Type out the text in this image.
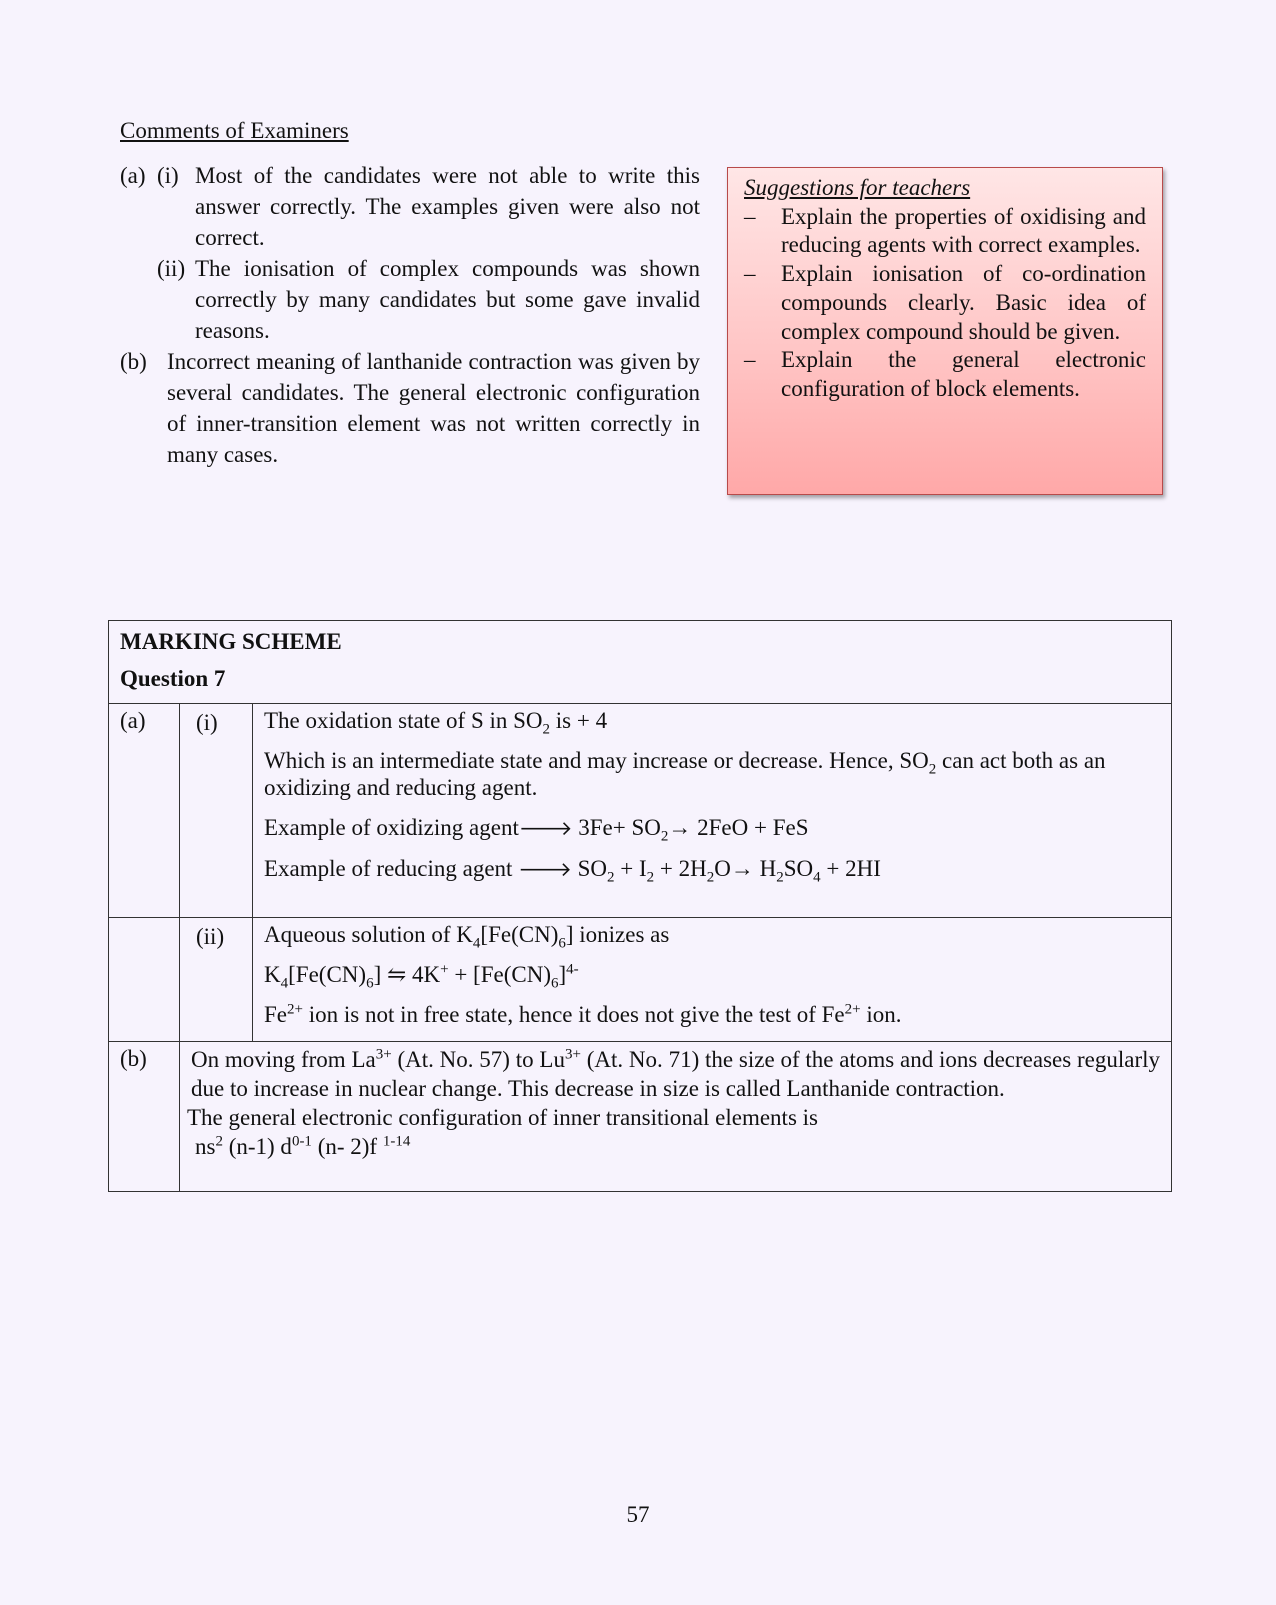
Comments of Examiners
(a) (i) Most of the candidates were not able to write this answer correctly. The examples given were also not correct.
(ii) The ionisation of complex compounds was shown correctly by many candidates but some gave invalid reasons.
(b) Incorrect meaning of lanthanide contraction was given by several candidates. The general electronic configuration of inner-transition element was not written correctly in many cases.
Suggestions for teachers
– Explain the properties of oxidising and reducing agents with correct examples.
– Explain ionisation of co-ordination compounds clearly. Basic idea of complex compound should be given.
– Explain the general electronic configuration of block elements.
MARKING SCHEME
Question 7		

(a)	(i)	The oxidation state of S in $SO_2$ is + 4

Which is an intermediate state and may increase or decrease. Hence, $SO_2$ can act both as an oxidizing and reducing agent.

Example of oxidizing agent🡒 $3Fe+ SO_2\to 2FeO$ + FeS

Example of reducing agent 🡒 $SO_2 + I_2 + 2H_2O\to H_2SO_4 + 2HI$

	(ii)	Aqueous solution of $K_4[Fe(CN)_6]$ ionizes as

$K_4[Fe(CN)_6]$ ⇋ $4K^+ + [Fe(CN)_6]^{4-}$

$Fe^{2+}$ ion is not in free state, hence it does not give the test of $Fe^{2+}$ ion.

(b)	On moving from $La^{3+}$ (At. No. 57) to $Lu^{3+}$ (At. No. 71) the size of the atoms and ions decreases regularly due to increase in nuclear change. This decrease in size is called Lanthanide contraction.
The general electronic configuration of inner transitional elements is
$ns^2$ (n-1) $d^{0-1}$ (n- 2)f $^{1-14}$
57
